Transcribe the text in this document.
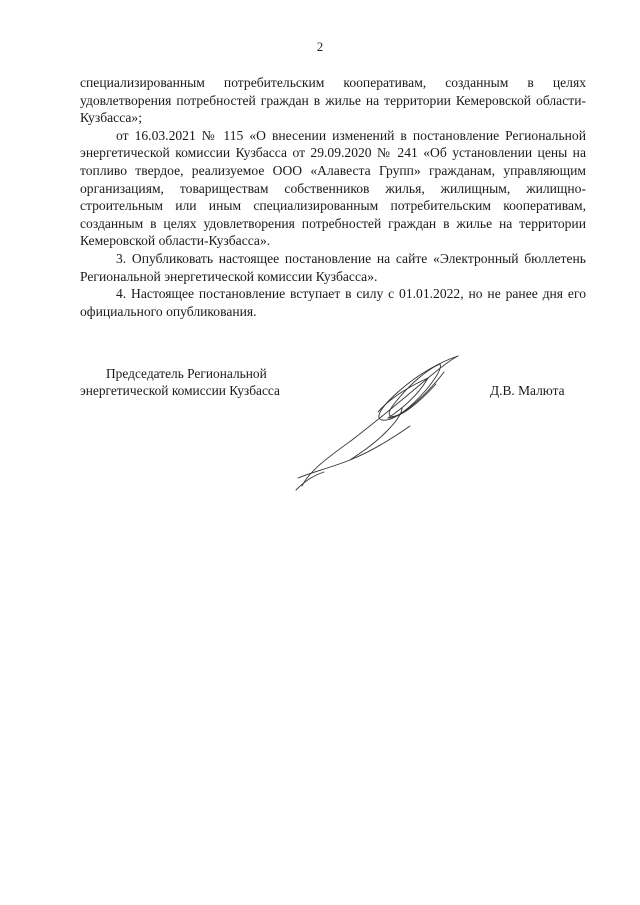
2

специализированным потребительским кооперативам, созданным в целях удовлетворения потребностей граждан в жилье на территории Кемеровской области-Кузбасса»;

от 16.03.2021 № 115 «О внесении изменений в постановление Региональной энергетической комиссии Кузбасса от 29.09.2020 № 241 «Об установлении цены на топливо твердое, реализуемое ООО «Алавеста Групп» гражданам, управляющим организациям, товариществам собственников жилья, жилищным, жилищно-строительным или иным специализированным потребительским кооперативам, созданным в целях удовлетворения потребностей граждан в жилье на территории Кемеровской области-Кузбасса».

3. Опубликовать настоящее постановление на сайте «Электронный бюллетень Региональной энергетической комиссии Кузбасса».

4. Настоящее постановление вступает в силу с 01.01.2022, но не ранее дня его официального опубликования.

Председатель Региональной
энергетической комиссии Кузбасса	Д.В. Малюта
